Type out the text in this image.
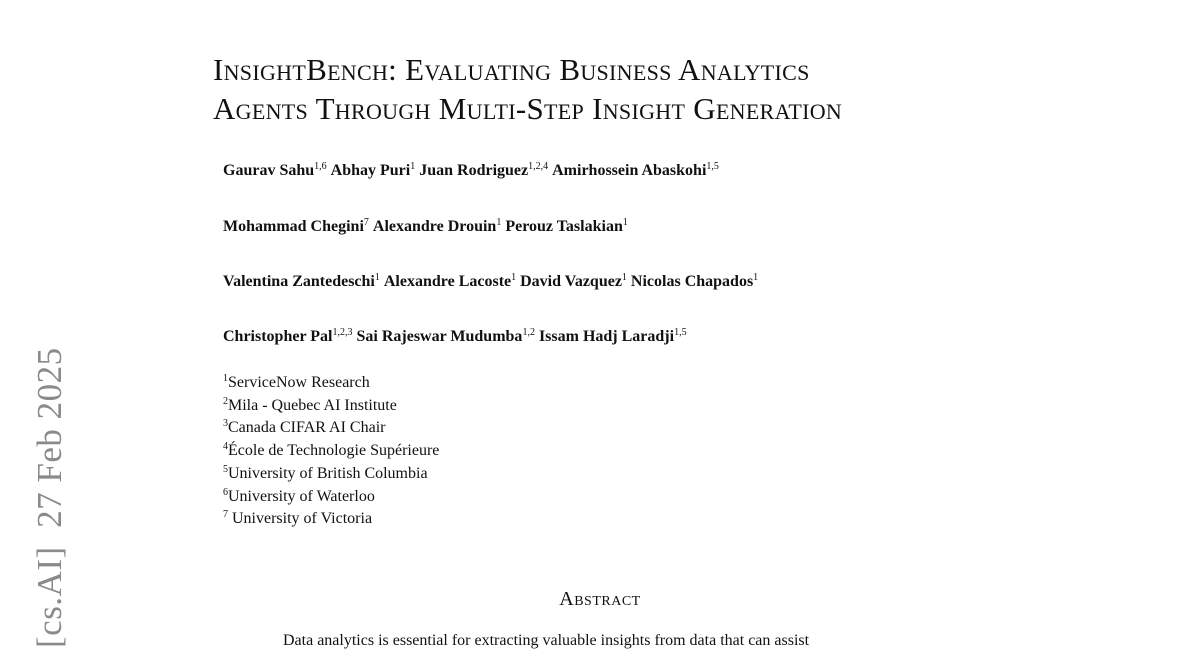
[cs.AI]  27 Feb 2025
InsightBench: Evaluating Business Analytics
Agents Through Multi-Step Insight Generation
Gaurav Sahu$^{1,6}$ Abhay Puri$^1$ Juan Rodriguez$^{1,2,4}$ Amirhossein Abaskohi$^{1,5}$
Mohammad Chegini$^7$ Alexandre Drouin$^1$ Perouz Taslakian$^1$
Valentina Zantedeschi$^1$ Alexandre Lacoste$^1$ David Vazquez$^1$ Nicolas Chapados$^1$
Christopher Pal$^{1,2,3}$ Sai Rajeswar Mudumba$^{1,2}$ Issam Hadj Laradji$^{1,5}$
$^1$ServiceNow Research
$^2$Mila - Quebec AI Institute
$^3$Canada CIFAR AI Chair
$^4$École de Technologie Supérieure
$^5$University of British Columbia
$^6$University of Waterloo
$^7$ University of Victoria
Abstract
Data analytics is essential for extracting valuable insights from data that can assist
